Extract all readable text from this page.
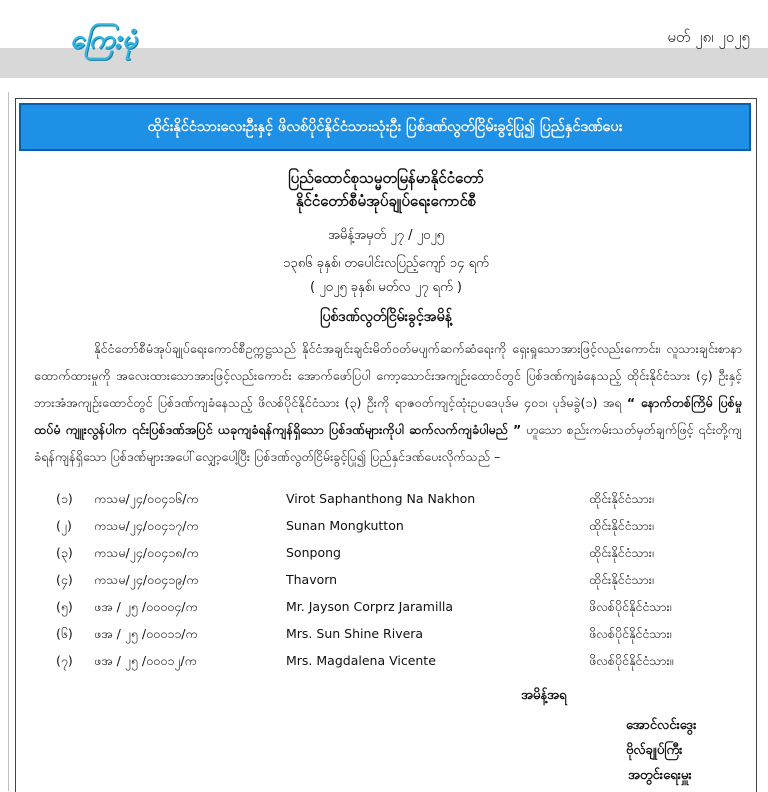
ကြေးမုံ	မတ် ၂၈၊ ၂၀၂၅
ထိုင်းနိုင်ငံသားလေးဦးနှင့် ဖိလစ်ပိုင်နိုင်ငံသားသုံးဦး ပြစ်ဒဏ်လွတ်ငြိမ်းခွင့်ပြု၍ ပြည်နှင်ဒဏ်ပေး
ပြည်ထောင်စုသမ္မတမြန်မာနိုင်ငံတော်
နိုင်ငံတော်စီမံအုပ်ချုပ်ရေးကောင်စီ
အမိန့်အမှတ် ၂၇ / ၂၀၂၅
၁၃၈၆ ခုနှစ်၊ တပေါင်းလပြည့်ကျော် ၁၄ ရက်
( ၂၀၂၅ ခုနှစ်၊ မတ်လ ၂၇ ရက် )
ပြစ်ဒဏ်လွတ်ငြိမ်းခွင့်အမိန့်
နိုင်ငံတော်စီမံအုပ်ချုပ်ရေးကောင်စီဥက္ကဋ္ဌသည် နိုင်ငံအချင်းချင်းမိတ်ဝတ်မပျက်ဆက်ဆံရေးကို ရှေးရှုသောအားဖြင့်လည်းကောင်း၊ လူသားချင်းစာနာထောက်ထားမှုကို အလေးထားသောအားဖြင့်လည်းကောင်း အောက်ဖော်ပြပါ ကော့သောင်းအကျဉ်းထောင်တွင် ပြစ်ဒဏ်ကျခံနေသည့် ထိုင်းနိုင်ငံသား (၄) ဦးနှင့် ဘားအံအကျဉ်းထောင်တွင် ပြစ်ဒဏ်ကျခံနေသည့် ဖိလစ်ပိုင်နိုင်ငံသား (၃) ဦးကို ရာဇဝတ်ကျင့်ထုံးဥပဒေပုဒ်မ ၄၀၁၊ ပုဒ်မခွဲ(၁) အရ “ နောက်တစ်ကြိမ် ပြစ်မှုထပ်မံ ကျူးလွန်ပါက ၎င်းပြစ်ဒဏ်အပြင် ယခုကျခံရန်ကျန်ရှိသော ပြစ်ဒဏ်များကိုပါ ဆက်လက်ကျခံပါမည် ” ဟူသော စည်းကမ်းသတ်မှတ်ချက်ဖြင့် ၎င်းတို့ကျခံရန်ကျန်ရှိသော ပြစ်ဒဏ်များအပေါ်လျှော့ပေါ့ပြီး ပြစ်ဒဏ်လွတ်ငြိမ်းခွင့်ပြု၍ ပြည်နှင်ဒဏ်ပေးလိုက်သည် –
(၁) ကသမ/၂၄/၀၀၄၁၆/က	Virot Saphanthong Na Nakhon	ထိုင်းနိုင်ငံသား၊
(၂) ကသမ/၂၄/၀၀၄၁၇/က	Sunan Mongkutton	ထိုင်းနိုင်ငံသား၊
(၃) ကသမ/၂၄/၀၀၄၁၈/က	Sonpong	ထိုင်းနိုင်ငံသား၊
(၄) ကသမ/၂၄/၀၀၄၁၉/က	Thavorn	ထိုင်းနိုင်ငံသား၊
(၅) ဖအ / ၂၅ /၀၀၀၀၄/က	Mr. Jayson Corprz Jaramilla	ဖိလစ်ပိုင်နိုင်ငံသား၊
(၆) ဖအ / ၂၅ /၀၀၀၁၁/က	Mrs. Sun Shine Rivera	ဖိလစ်ပိုင်နိုင်ငံသား၊
(၇) ဖအ / ၂၅ /၀၀၀၁၂/က	Mrs. Magdalena Vicente	ဖိလစ်ပိုင်နိုင်ငံသား။
အမိန့်အရ
အောင်လင်းဒွေး
ဗိုလ်ချုပ်ကြီး
အတွင်းရေးမှူး
